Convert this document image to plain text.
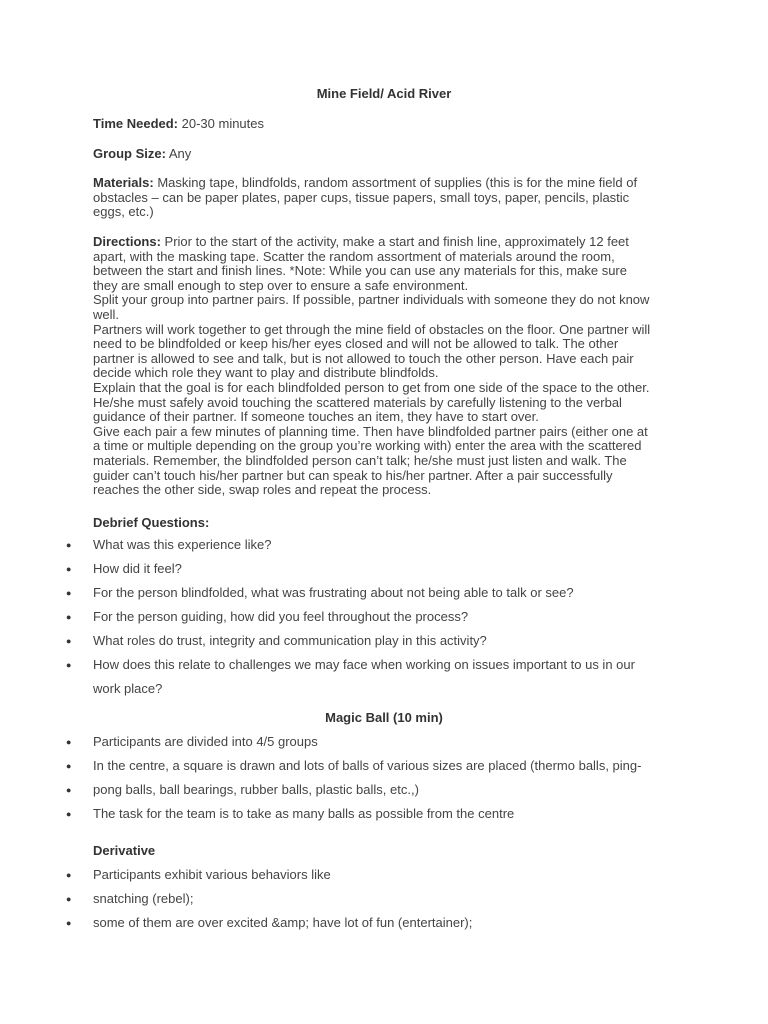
Mine Field/ Acid River
Time Needed: 20-30 minutes
Group Size: Any
Materials: Masking tape, blindfolds, random assortment of supplies (this is for the mine field of
obstacles – can be paper plates, paper cups, tissue papers, small toys, paper, pencils, plastic
eggs, etc.)
Directions: Prior to the start of the activity, make a start and finish line, approximately 12 feet
apart, with the masking tape. Scatter the random assortment of materials around the room,
between the start and finish lines. *Note: While you can use any materials for this, make sure
they are small enough to step over to ensure a safe environment.
Split your group into partner pairs. If possible, partner individuals with someone they do not know
well.
Partners will work together to get through the mine field of obstacles on the floor. One partner will
need to be blindfolded or keep his/her eyes closed and will not be allowed to talk. The other
partner is allowed to see and talk, but is not allowed to touch the other person. Have each pair
decide which role they want to play and distribute blindfolds.
Explain that the goal is for each blindfolded person to get from one side of the space to the other.
He/she must safely avoid touching the scattered materials by carefully listening to the verbal
guidance of their partner. If someone touches an item, they have to start over.
Give each pair a few minutes of planning time. Then have blindfolded partner pairs (either one at
a time or multiple depending on the group you’re working with) enter the area with the scattered
materials. Remember, the blindfolded person can’t talk; he/she must just listen and walk. The
guider can’t touch his/her partner but can speak to his/her partner. After a pair successfully
reaches the other side, swap roles and repeat the process.
Debrief Questions:
● What was this experience like?
● How did it feel?
● For the person blindfolded, what was frustrating about not being able to talk or see?
● For the person guiding, how did you feel throughout the process?
● What roles do trust, integrity and communication play in this activity?
● How does this relate to challenges we may face when working on issues important to us in our
work place?
Magic Ball (10 min)
● Participants are divided into 4/5 groups
● In the centre, a square is drawn and lots of balls of various sizes are placed (thermo balls, ping-
● pong balls, ball bearings, rubber balls, plastic balls, etc.,)
● The task for the team is to take as many balls as possible from the centre
Derivative
● Participants exhibit various behaviors like
● snatching (rebel);
● some of them are over excited &amp; have lot of fun (entertainer);
